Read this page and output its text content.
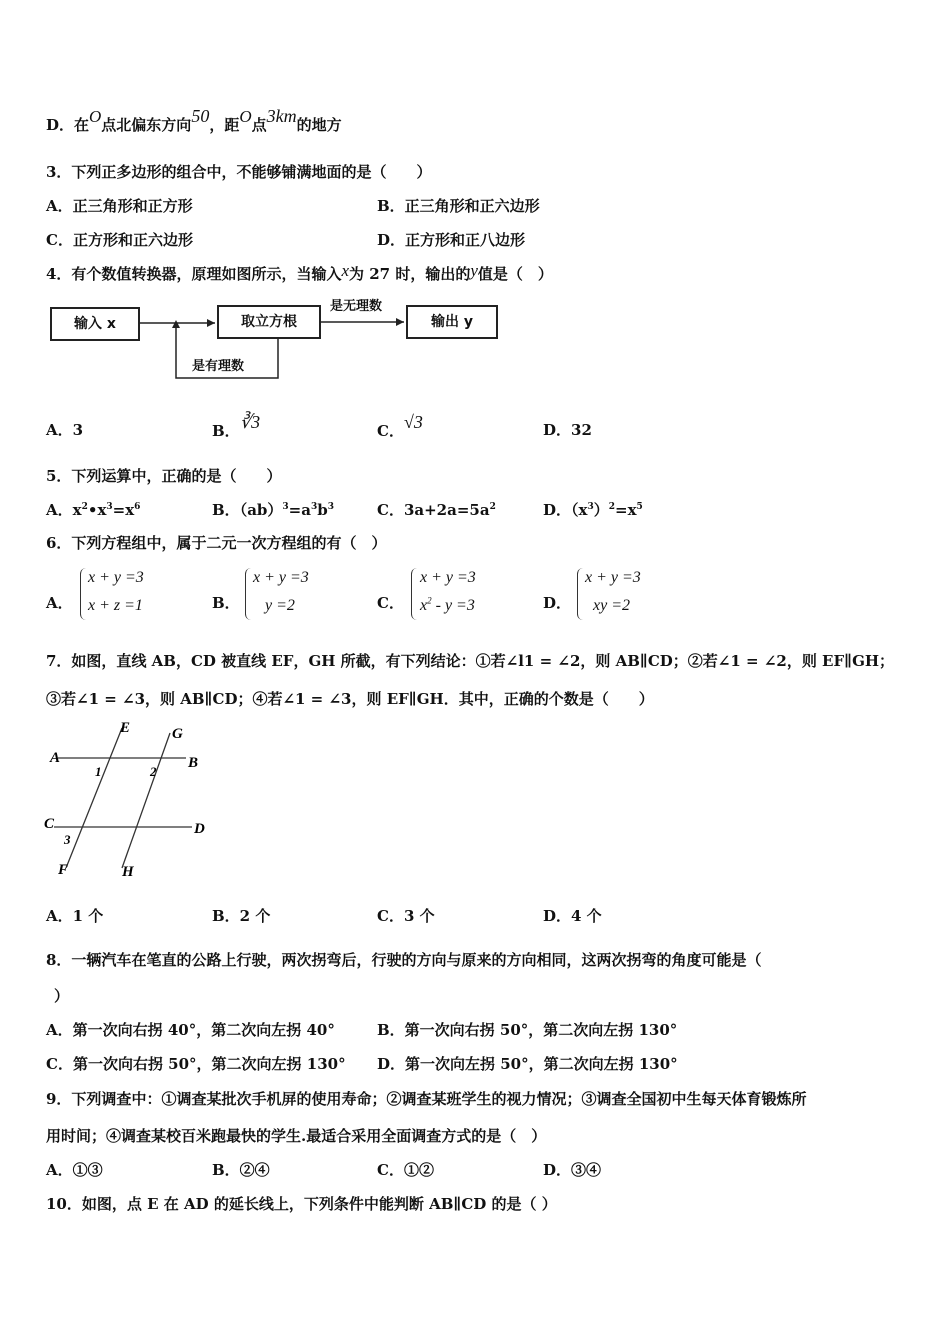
D．在O点北偏东方向50，距O点3km的地方
3．下列正多边形的组合中，不能够铺满地面的是（　　）
A．正三角形和正方形	B．正三角形和正六边形
C．正方形和正六边形	D．正方形和正八边形
4．有个数值转换器，原理如图所示，当输入x为 27 时，输出的y值是（　）
输入 x	取立方根	输出 y
是无理数
是有理数
A．3	B．∛3	C．√3	D．32
5．下列运算中，正确的是（　　）
A．$x^2•x^3=x^6$	B．$(ab)^3=a^3b^3$	C．$3a+2a=5a^2$	D．$(x^3)^2=x^5$
6．下列方程组中，属于二元一次方程组的有（　）
A．
x + y =3
x + z =1	B．
x + y =3
y =2	C．
x + y =3
$x^2 - y =3$	D．
x + y =3
xy =2
7．如图，直线 AB，CD 被直线 EF，GH 所截，有下列结论：①若∠l1 = ∠2，则 AB∥CD；②若∠1 = ∠2，则 EF∥GH；
③若∠1 = ∠3，则 AB∥CD；④若∠1 = ∠3，则 EF∥GH．其中，正确的个数是（　　）
A	B
C	D
E
F
G
H
1	2
3
A．1 个	B．2 个	C．3 个	D．4 个
8．一辆汽车在笔直的公路上行驶，两次拐弯后，行驶的方向与原来的方向相同，这两次拐弯的角度可能是（
）
A．第一次向右拐 40°，第二次向左拐 40°	B．第一次向右拐 50°，第二次向左拐 130°
C．第一次向右拐 50°，第二次向左拐 130° D．第一次向左拐 50°，第二次向左拐 130°
9．下列调查中：①调查某批次手机屏的使用寿命；②调查某班学生的视力情况；③调查全国初中生每天体育锻炼所
用时间；④调查某校百米跑最快的学生.最适合采用全面调查方式的是（　）
A．①③	B．②④	C．①②	D．③④
10．如图，点 E 在 AD 的延长线上，下列条件中能判断 AB∥CD 的是（ ）
